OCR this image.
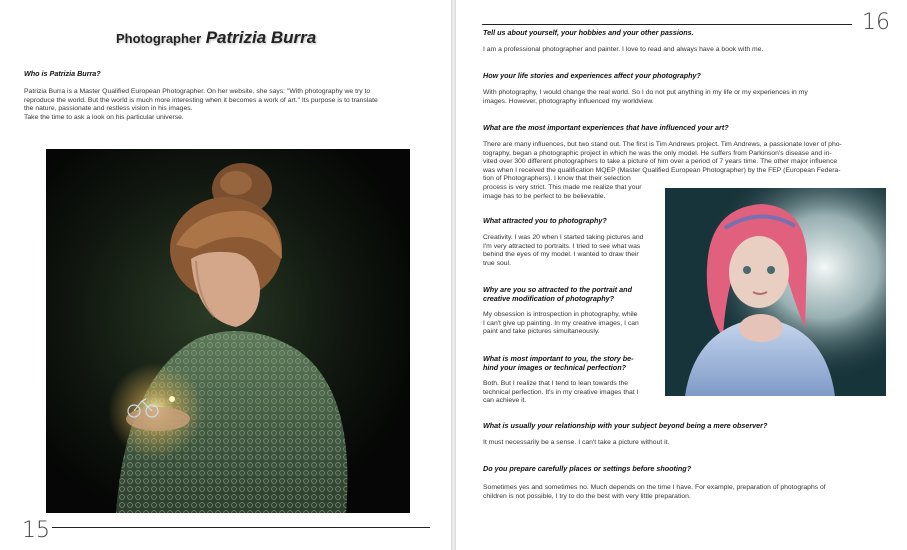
Photographer Patrizia Burra
Who is Patrizia Burra?
Patrizia Burra is a Master Qualified European Photographer. On her website, she says: "With photography we try to
reproduce the world. But the world is much more interesting when it becomes a work of art." Its purpose is to translate
the nature, passionate and restless vision in his images.
Take the time to ask a look on his particular universe.
15
16
Tell us about yourself, your hobbies and your other passions.
I am a professional photographer and painter. I love to read and always have a book with me.
How your life stories and experiences affect your photography?
With photography, I would change the real world. So I do not put anything in my life or my experiences in my
images. However, photography influenced my worldview.
What are the most important experiences that have influenced your art?
There are many influences, but two stand out. The first is Tim Andrews project. Tim Andrews, a passionate lover of pho-
tography, began a photographic project in which he was the only model. He suffers from Parkinson's disease and in-
vited over 300 different photographers to take a picture of him over a period of 7 years time. The other major influence
was when I received the qualification MQEP (Master Qualified European Photographer) by the FEP (European Federa-
tion of Photographers). I know that their selection
process is very strict. This made me realize that your
image has to be perfect to be believable.
What attracted you to photography?
Creativity. I was 20 when I started taking pictures and
I'm very attracted to portraits. I tried to see what was
behind the eyes of my model. I wanted to draw their
true soul.
Why are you so attracted to the portrait and
creative modification of photography?
My obsession is introspection in photography, while
I can't give up painting. In my creative images, I can
paint and take pictures simultaneously.
What is most important to you, the story be-
hind your images or technical perfection?
Both. But I realize that I tend to lean towards the
technical perfection. It's in my creative images that I
can achieve it.
What is usually your relationship with your subject beyond being a mere observer?
It must necessarily be a sense. I can't take a picture without it.
Do you prepare carefully places or settings before shooting?
Sometimes yes and sometimes no. Much depends on the time I have. For example, preparation of photographs of
children is not possible, I try to do the best with very little preparation.
